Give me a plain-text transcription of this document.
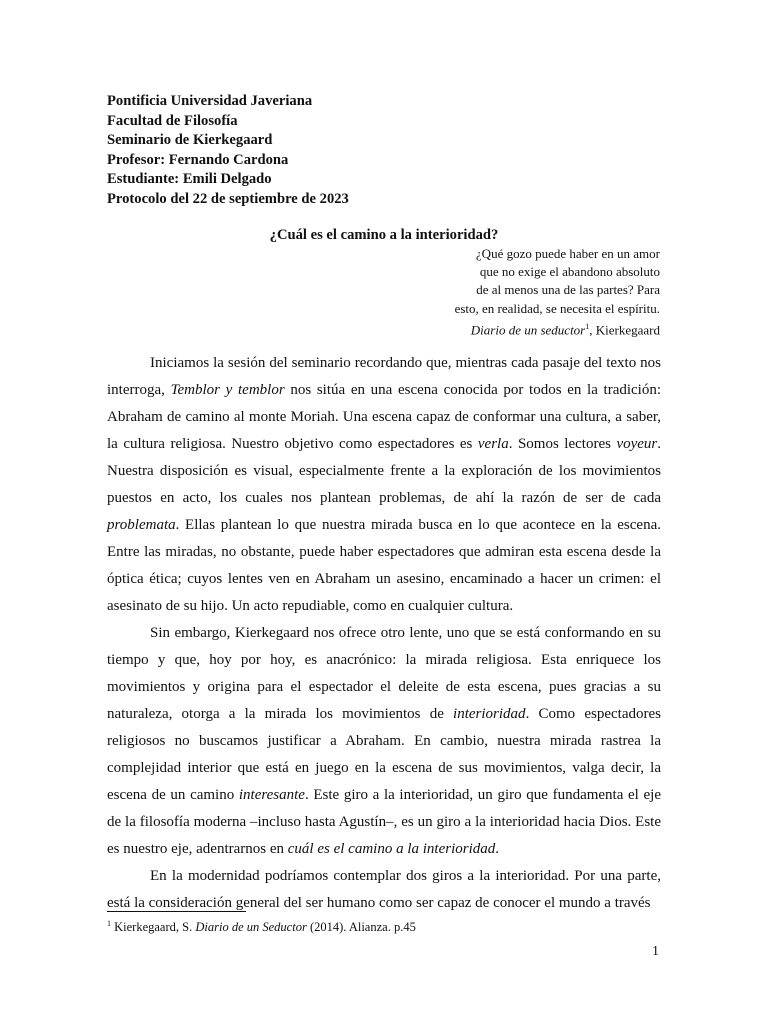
Pontificia Universidad Javeriana
Facultad de Filosofía
Seminario de Kierkegaard
Profesor: Fernando Cardona
Estudiante: Emili Delgado
Protocolo del 22 de septiembre de 2023
¿Cuál es el camino a la interioridad?
¿Qué gozo puede haber en un amor
que no exige el abandono absoluto
de al menos una de las partes? Para
esto, en realidad, se necesita el espíritu.
Diario de un seductor$^1$, Kierkegaard

Iniciamos la sesión del seminario recordando que, mientras cada pasaje del texto nos interroga, Temblor y temblor nos sitúa en una escena conocida por todos en la tradición: Abraham de camino al monte Moriah. Una escena capaz de conformar una cultura, a saber, la cultura religiosa. Nuestro objetivo como espectadores es verla. Somos lectores voyeur. Nuestra disposición es visual, especialmente frente a la exploración de los movimientos puestos en acto, los cuales nos plantean problemas, de ahí la razón de ser de cada problemata. Ellas plantean lo que nuestra mirada busca en lo que acontece en la escena. Entre las miradas, no obstante, puede haber espectadores que admiran esta escena desde la óptica ética; cuyos lentes ven en Abraham un asesino, encaminado a hacer un crimen: el asesinato de su hijo. Un acto repudiable, como en cualquier cultura.

Sin embargo, Kierkegaard nos ofrece otro lente, uno que se está conformando en su tiempo y que, hoy por hoy, es anacrónico: la mirada religiosa. Esta enriquece los movimientos y origina para el espectador el deleite de esta escena, pues gracias a su naturaleza, otorga a la mirada los movimientos de interioridad. Como espectadores religiosos no buscamos justificar a Abraham. En cambio, nuestra mirada rastrea la complejidad interior que está en juego en la escena de sus movimientos, valga decir, la escena de un camino interesante. Este giro a la interioridad, un giro que fundamenta el eje de la filosofía moderna –incluso hasta Agustín–, es un giro a la interioridad hacia Dios. Este es nuestro eje, adentrarnos en cuál es el camino a la interioridad.

En la modernidad podríamos contemplar dos giros a la interioridad. Por una parte, está la consideración general del ser humano como ser capaz de conocer el mundo a través

$^1$ Kierkegaard, S. Diario de un Seductor (2014). Alianza. p.45
1
